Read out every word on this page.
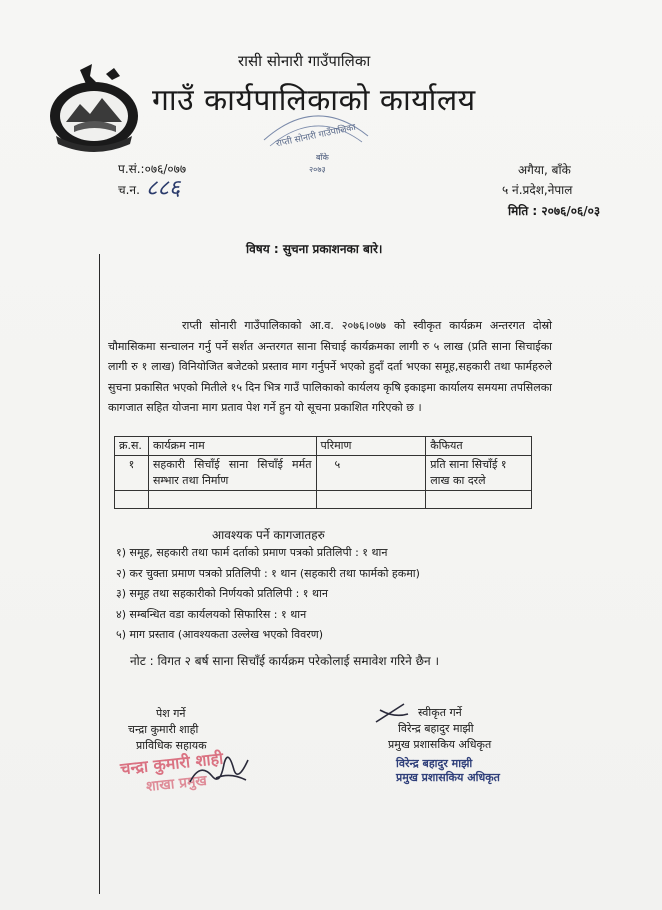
रासी सोनारी गाउँपालिका
गाउँ कार्यपालिकाको कार्यालय
राप्ती सोनारी गाउँपालिका
बाँके
२०७३
प.सं.:०७६/०७७
च.न. ८८६
अगैया, बाँके
५ नं.प्रदेश,नेपाल
मिति : २०७६/०६/०३
विषय : सुचना प्रकाशनका बारे।
राप्ती सोनारी गाउँपालिकाको आ.व. २०७६।०७७ को स्वीकृत कार्यक्रम अन्तरगत दोस्रो चौमासिकमा सन्चालन गर्नु पर्ने सर्शत अन्तरगत साना सिचाई कार्यक्रमका लागी रु ५ लाख (प्रति साना सिचाईका लागी रु १ लाख) विनियोजित बजेटको प्रस्ताव माग गर्नुपर्ने भएको हुदाँ दर्ता भएका समूह,सहकारी तथा फार्महरुले सुचना प्रकासित भएको मितीले १५ दिन भित्र गाउँ पालिकाको कार्यलय कृषि इकाइमा कार्यालय समयमा तपसिलका कागजात सहित योजना माग प्रताव पेश गर्ने हुन यो सूचना प्रकाशित गरिएको छ ।
क्र.स.	कार्यक्रम नाम	परिमाण	कैफियत
१	सहकारी सिचाँई साना सिचाँई मर्मत सम्भार तथा निर्माण	५	प्रति साना सिचाँई १ लाख का दरले

आवश्यक पर्ने कागजातहरु
१) समूह, सहकारी तथा फार्म दर्ताको प्रमाण पत्रको प्रतिलिपी : १ थान
२) कर चुक्ता प्रमाण पत्रको प्रतिलिपी : १ थान (सहकारी तथा फार्मको हकमा)
३) समूह तथा सहकारीको निर्णयको प्रतिलिपी : १ थान
४) सम्बन्धित वडा कार्यलयको सिफारिस : १ थान
५) माग प्रस्ताव (आवश्यकता उल्लेख भएको विवरण)
नोट : विगत २ बर्ष साना सिचाँई कार्यक्रम परेकोलाई समावेश गरिने छैन ।
पेश गर्ने
चन्द्रा कुमारी शाही
प्राविधिक सहायक
चन्द्रा कुमारी शाही
शाखा प्रमुख
स्वीकृत गर्ने
विरेन्द्र बहादुर माझी
प्रमुख प्रशासकिय अधिकृत
विरेन्द्र बहादुर माझी
प्रमुख प्रशासकिय अधिकृत
